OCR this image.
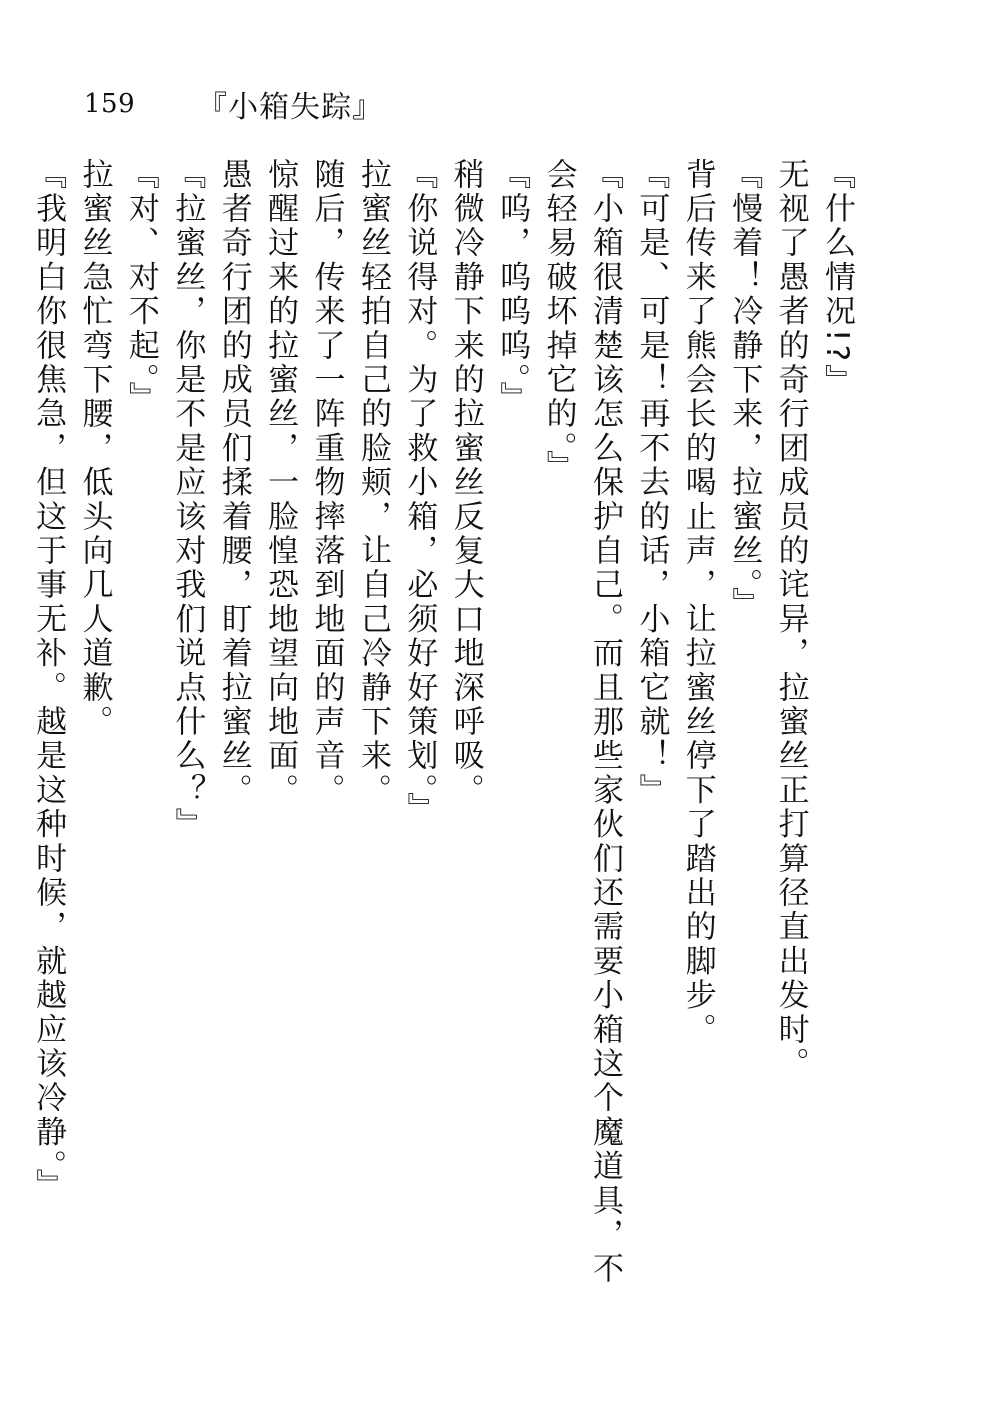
159 『小箱失踪』

『什么情况!?』

无视了愚者的奇行团成员的诧异，拉蜜丝正打算径直出发时。

『慢着！冷静下来，拉蜜丝。』

背后传来了熊会长的喝止声，让拉蜜丝停下了踏出的脚步。

『可是、可是！再不去的话，小箱它就！』

『小箱很清楚该怎么保护自己。而且那些家伙们还需要小箱这个魔道具，不会轻易破坏掉它的。』

『呜，呜呜呜。』

稍微冷静下来的拉蜜丝反复大口地深呼吸。

『你说得对。为了救小箱，必须好好策划。』

拉蜜丝轻拍自己的脸颊，让自己冷静下来。

随后，传来了一阵重物摔落到地面的声音。

惊醒过来的拉蜜丝，一脸惶恐地望向地面。

愚者奇行团的成员们揉着腰，盯着拉蜜丝。

『拉蜜丝，你是不是应该对我们说点什么？』

『对、对不起。』

拉蜜丝急忙弯下腰，低头向几人道歉。

『我明白你很焦急，但这于事无补。越是这种时候，就越应该冷静。』
